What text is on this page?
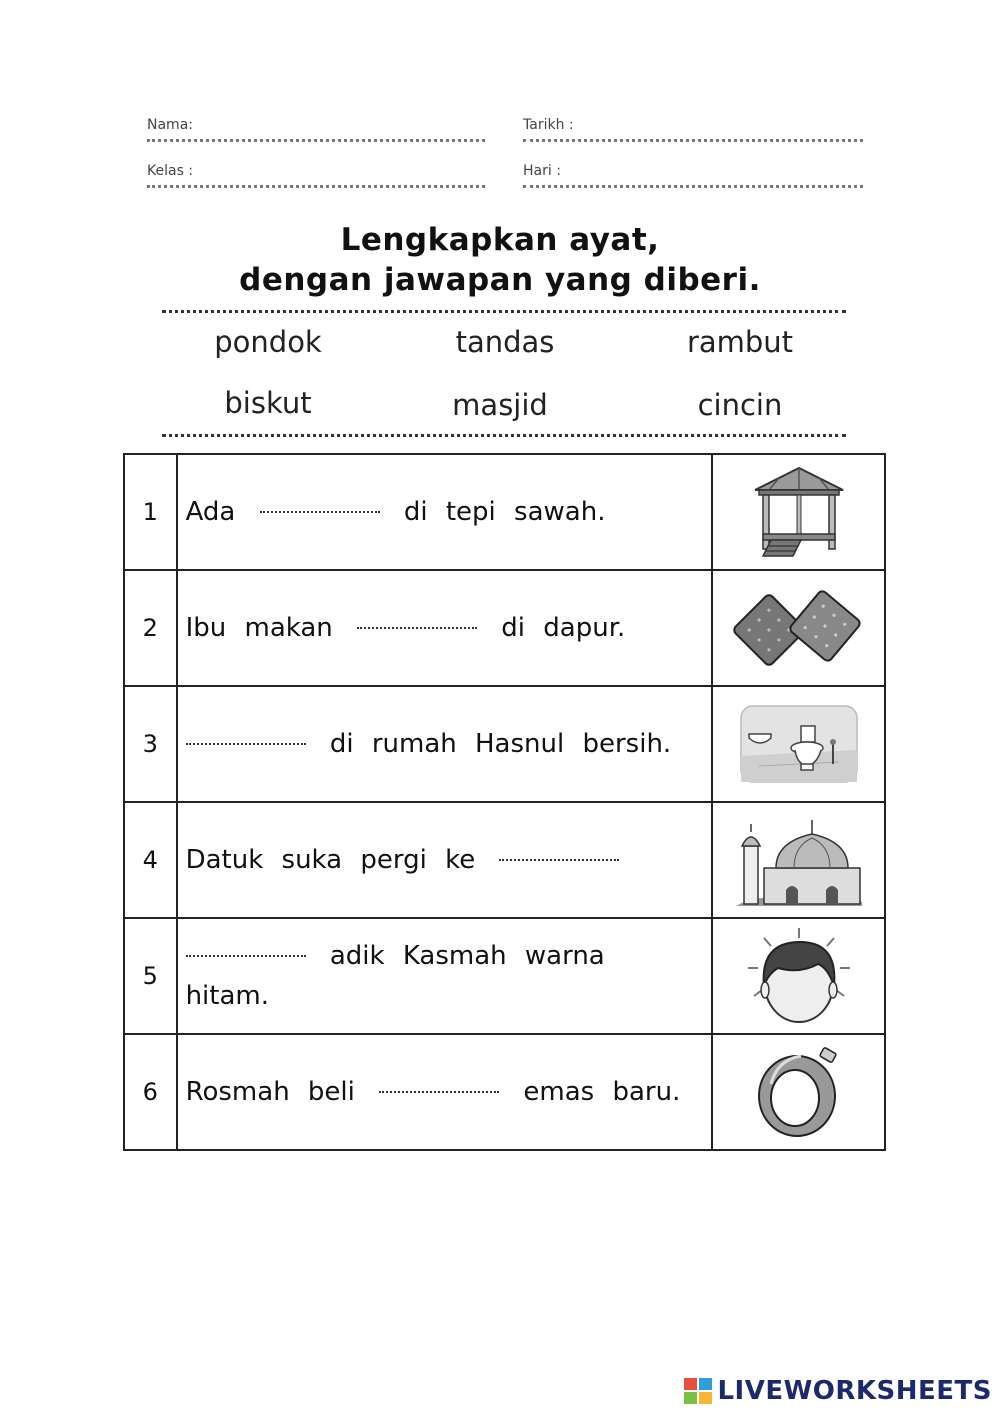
Nama:	Tarikh :
Kelas :	Hari :
Lengkapkan ayat,
dengan jawapan yang diberi.
pondok	tandas	rambut
biskut	masjid	cincin
1	Ada di tepi sawah.	

2	Ibu makan di dapur.	

3	di rumah Hasnul bersih.	

4	Datuk suka pergi ke	

5	adik Kasmah warna hitam.	

6	Rosmah beli emas baru.	
LIVEWORKSHEETS
